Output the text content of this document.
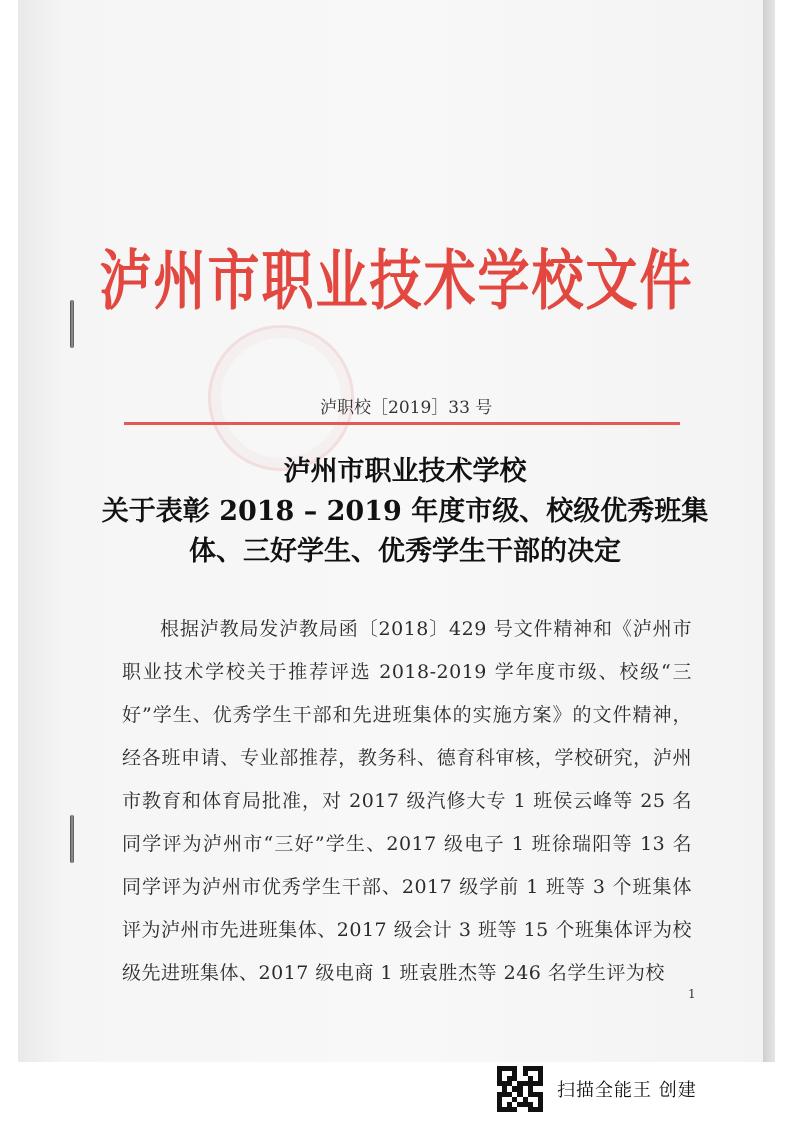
泸州市职业技术学校文件
泸职校［2019］33 号
泸州市职业技术学校
关于表彰 2018 – 2019 年度市级、校级优秀班集
体、三好学生、优秀学生干部的决定
根据泸教局发泸教局函〔2018〕429 号文件精神和《泸州市职业技术学校关于推荐评选 2018-2019 学年度市级、校级“三好”学生、优秀学生干部和先进班集体的实施方案》的文件精神，经各班申请、专业部推荐，教务科、德育科审核，学校研究，泸州市教育和体育局批准，对 2017 级汽修大专 1 班侯云峰等 25 名同学评为泸州市“三好”学生、2017 级电子 1 班徐瑞阳等 13 名同学评为泸州市优秀学生干部、2017 级学前 1 班等 3 个班集体评为泸州市先进班集体、2017 级会计 3 班等 15 个班集体评为校级先进班集体、2017 级电商 1 班袁胜杰等 246 名学生评为校
1
扫描全能王 创建
